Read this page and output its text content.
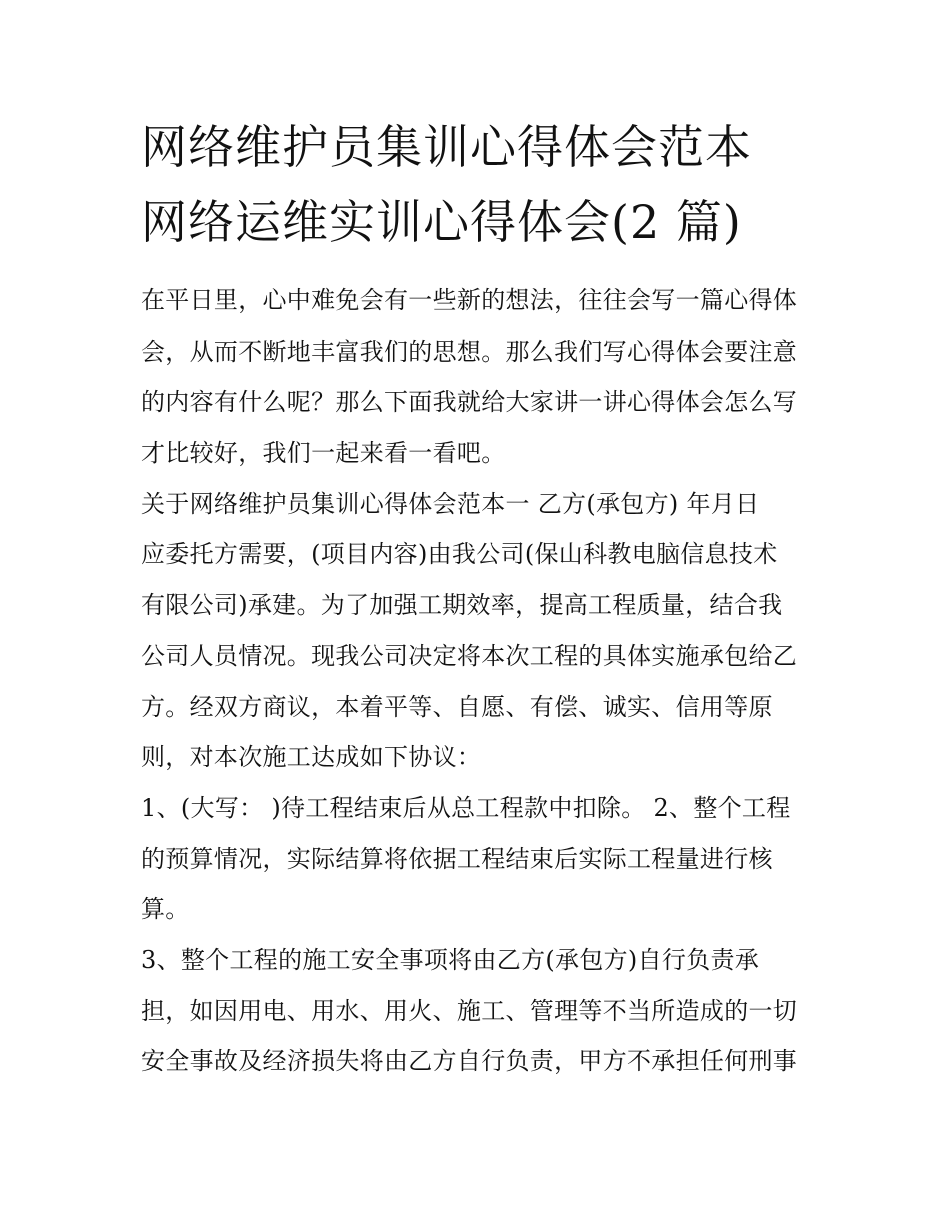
网络维护员集训心得体会范本
网络运维实训心得体会(2 篇)
在平日里，心中难免会有一些新的想法，往往会写一篇心得体
会，从而不断地丰富我们的思想。那么我们写心得体会要注意
的内容有什么呢？那么下面我就给大家讲一讲心得体会怎么写
才比较好，我们一起来看一看吧。
关于网络维护员集训心得体会范本一 乙方(承包方) 年月日
应委托方需要，(项目内容)由我公司(保山科教电脑信息技术
有限公司)承建。为了加强工期效率，提高工程质量，结合我
公司人员情况。现我公司决定将本次工程的具体实施承包给乙
方。经双方商议，本着平等、自愿、有偿、诚实、信用等原
则，对本次施工达成如下协议：
1、(大写： )待工程结束后从总工程款中扣除。 2、整个工程
的预算情况，实际结算将依据工程结束后实际工程量进行核
算。
3、整个工程的施工安全事项将由乙方(承包方)自行负责承
担，如因用电、用水、用火、施工、管理等不当所造成的一切
安全事故及经济损失将由乙方自行负责，甲方不承担任何刑事
